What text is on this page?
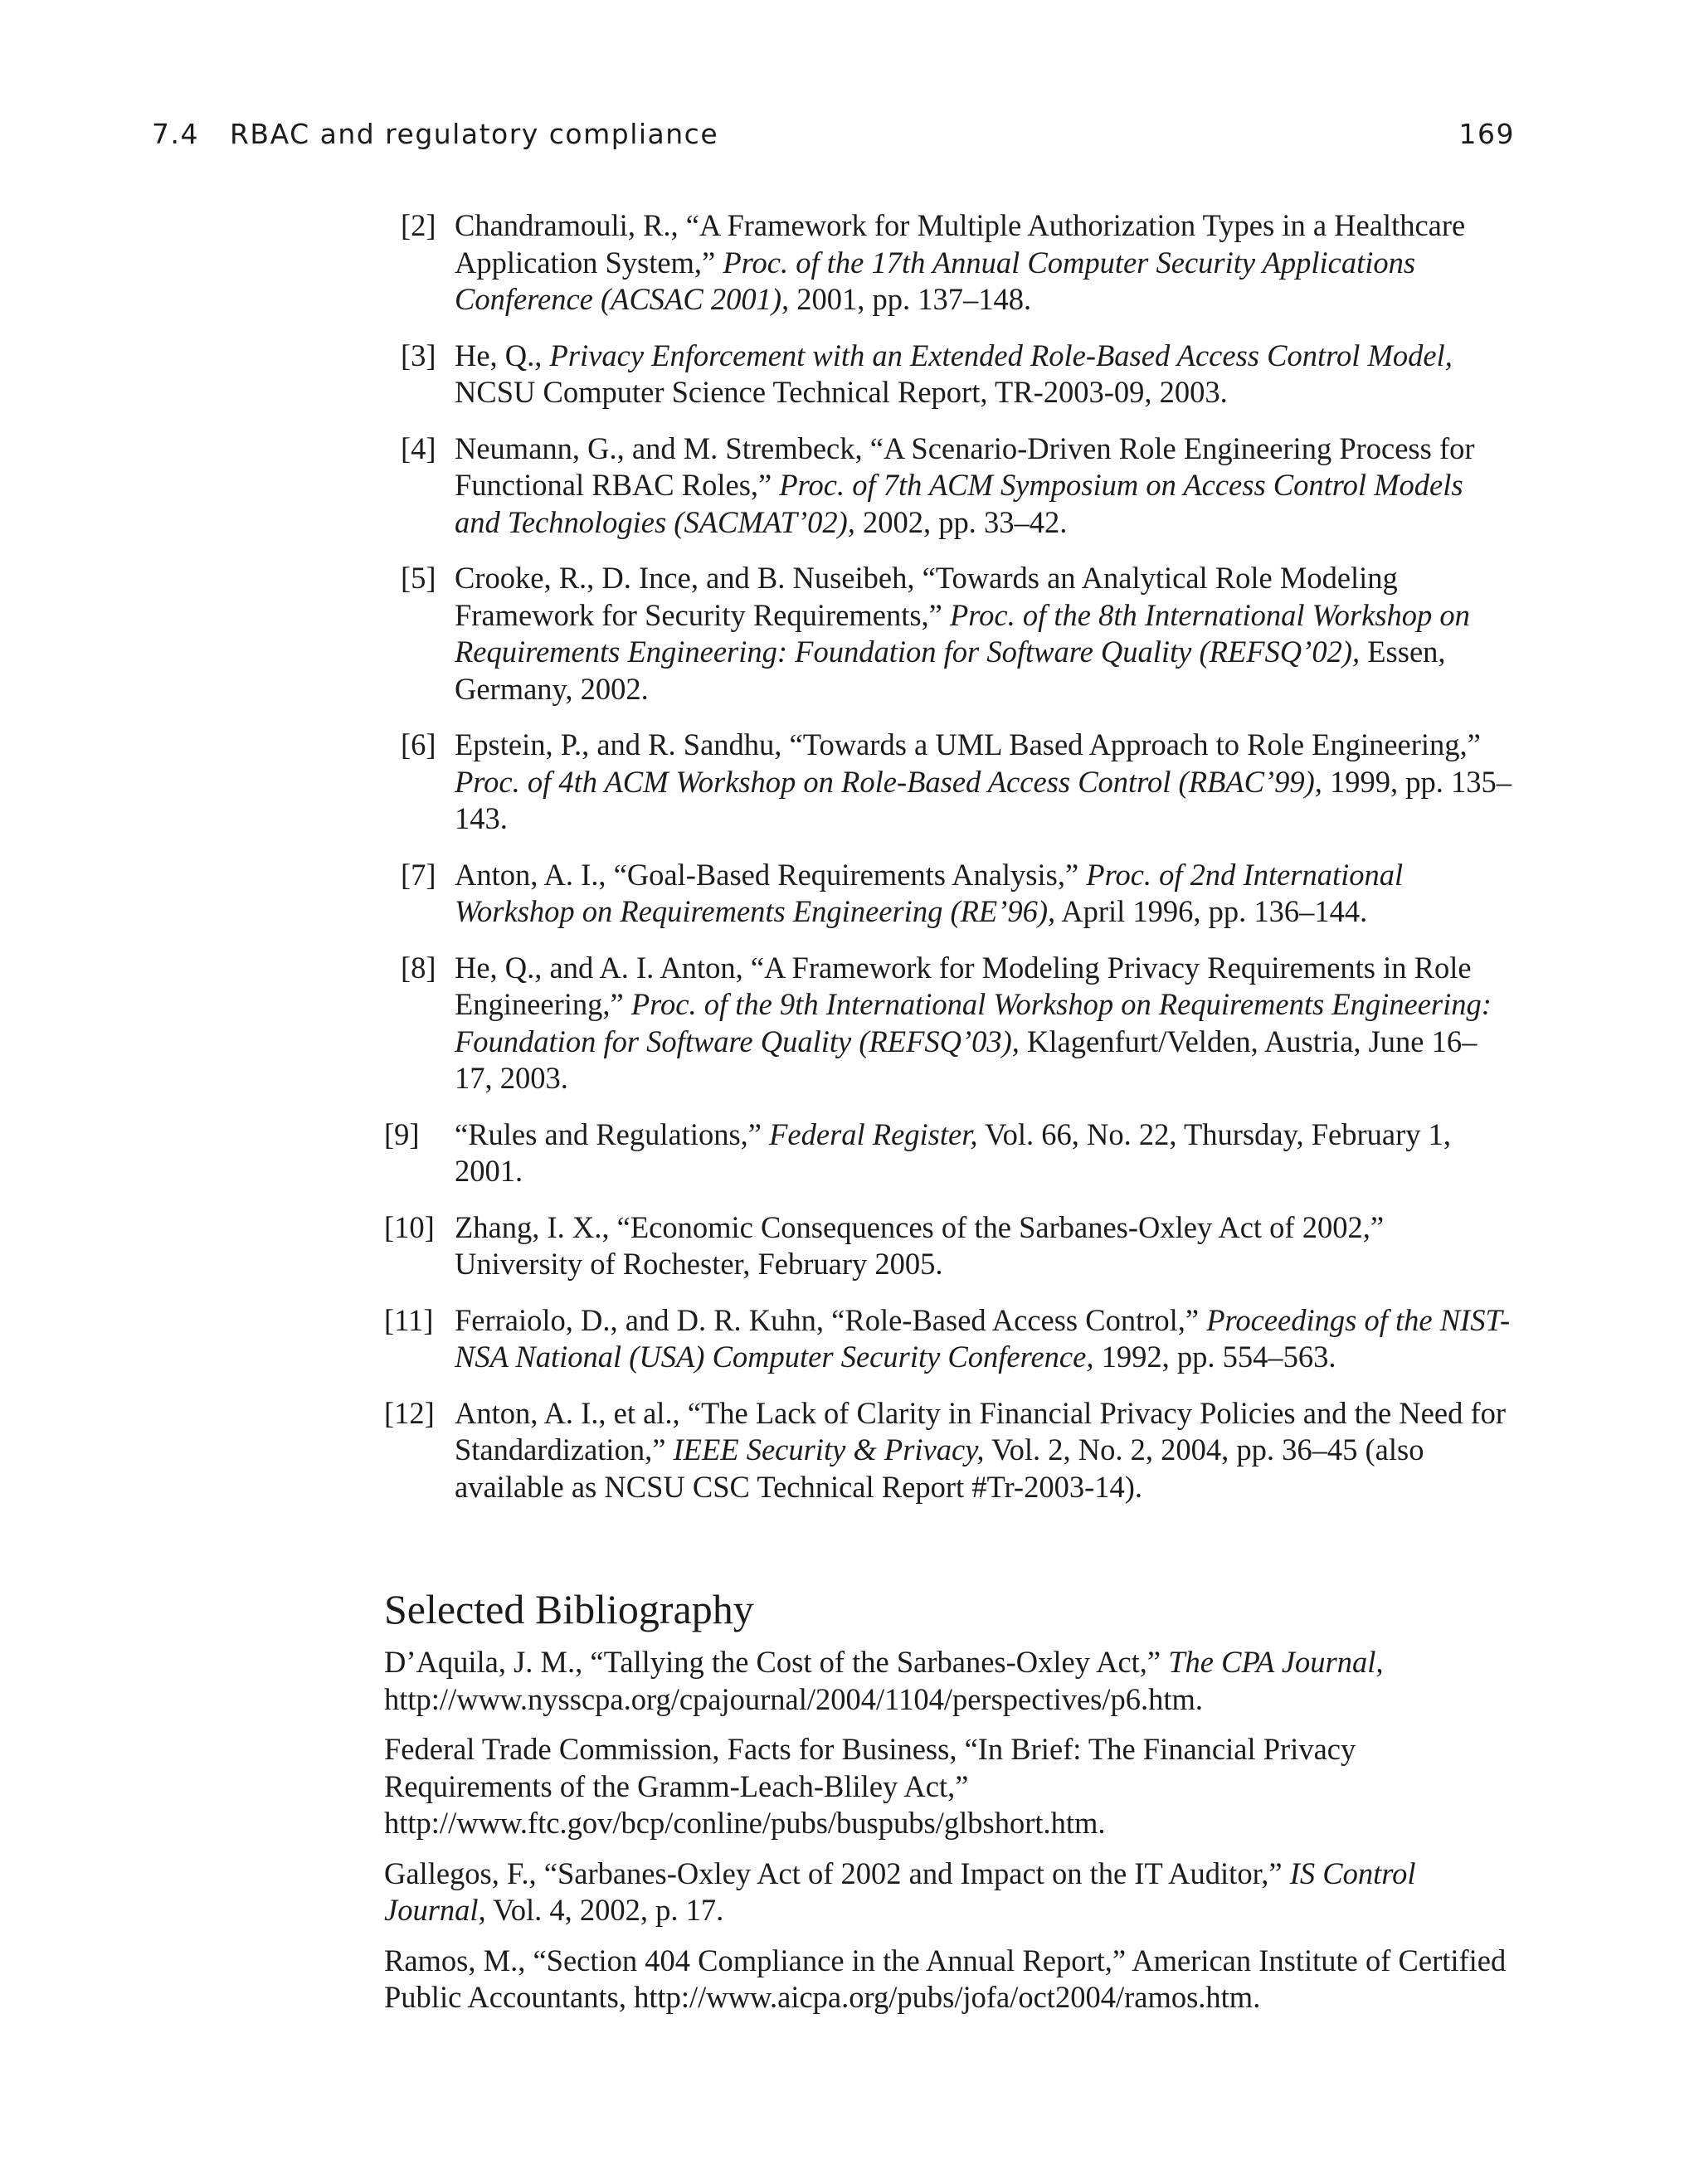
7.4 RBAC and regulatory compliance	169
[2] Chandramouli, R., “A Framework for Multiple Authorization Types in a Healthcare Application System,” Proc. of the 17th Annual Computer Security Applications Conference (ACSAC 2001), 2001, pp. 137–148.
[3] He, Q., Privacy Enforcement with an Extended Role-Based Access Control Model, NCSU Computer Science Technical Report, TR-2003-09, 2003.
[4] Neumann, G., and M. Strembeck, “A Scenario-Driven Role Engineering Process for Functional RBAC Roles,” Proc. of 7th ACM Symposium on Access Control Models and Technologies (SACMAT’02), 2002, pp. 33–42.
[5] Crooke, R., D. Ince, and B. Nuseibeh, “Towards an Analytical Role Modeling Framework for Security Requirements,” Proc. of the 8th International Workshop on Requirements Engineering: Foundation for Software Quality (REFSQ’02), Essen, Germany, 2002.
[6] Epstein, P., and R. Sandhu, “Towards a UML Based Approach to Role Engineering,” Proc. of 4th ACM Workshop on Role-Based Access Control (RBAC’99), 1999, pp. 135–143.
[7] Anton, A. I., “Goal-Based Requirements Analysis,” Proc. of 2nd International Workshop on Requirements Engineering (RE’96), April 1996, pp. 136–144.
[8] He, Q., and A. I. Anton, “A Framework for Modeling Privacy Requirements in Role Engineering,” Proc. of the 9th International Workshop on Requirements Engineering: Foundation for Software Quality (REFSQ’03), Klagenfurt/Velden, Austria, June 16–17, 2003.
[9] “Rules and Regulations,” Federal Register, Vol. 66, No. 22, Thursday, February 1, 2001.
[10] Zhang, I. X., “Economic Consequences of the Sarbanes-Oxley Act of 2002,” University of Rochester, February 2005.
[11] Ferraiolo, D., and D. R. Kuhn, “Role-Based Access Control,” Proceedings of the NIST-NSA National (USA) Computer Security Conference, 1992, pp. 554–563.
[12] Anton, A. I., et al., “The Lack of Clarity in Financial Privacy Policies and the Need for Standardization,” IEEE Security & Privacy, Vol. 2, No. 2, 2004, pp. 36–45 (also available as NCSU CSC Technical Report #Tr-2003-14).
Selected Bibliography
D’Aquila, J. M., “Tallying the Cost of the Sarbanes-Oxley Act,” The CPA Journal, http://www.nysscpa.org/cpajournal/2004/1104/perspectives/p6.htm.
Federal Trade Commission, Facts for Business, “In Brief: The Financial Privacy Requirements of the Gramm-Leach-Bliley Act,” http://www.ftc.gov/bcp/conline/pubs/buspubs/glbshort.htm.
Gallegos, F., “Sarbanes-Oxley Act of 2002 and Impact on the IT Auditor,” IS Control Journal, Vol. 4, 2002, p. 17.
Ramos, M., “Section 404 Compliance in the Annual Report,” American Institute of Certified Public Accountants, http://www.aicpa.org/pubs/jofa/oct2004/ramos.htm.
